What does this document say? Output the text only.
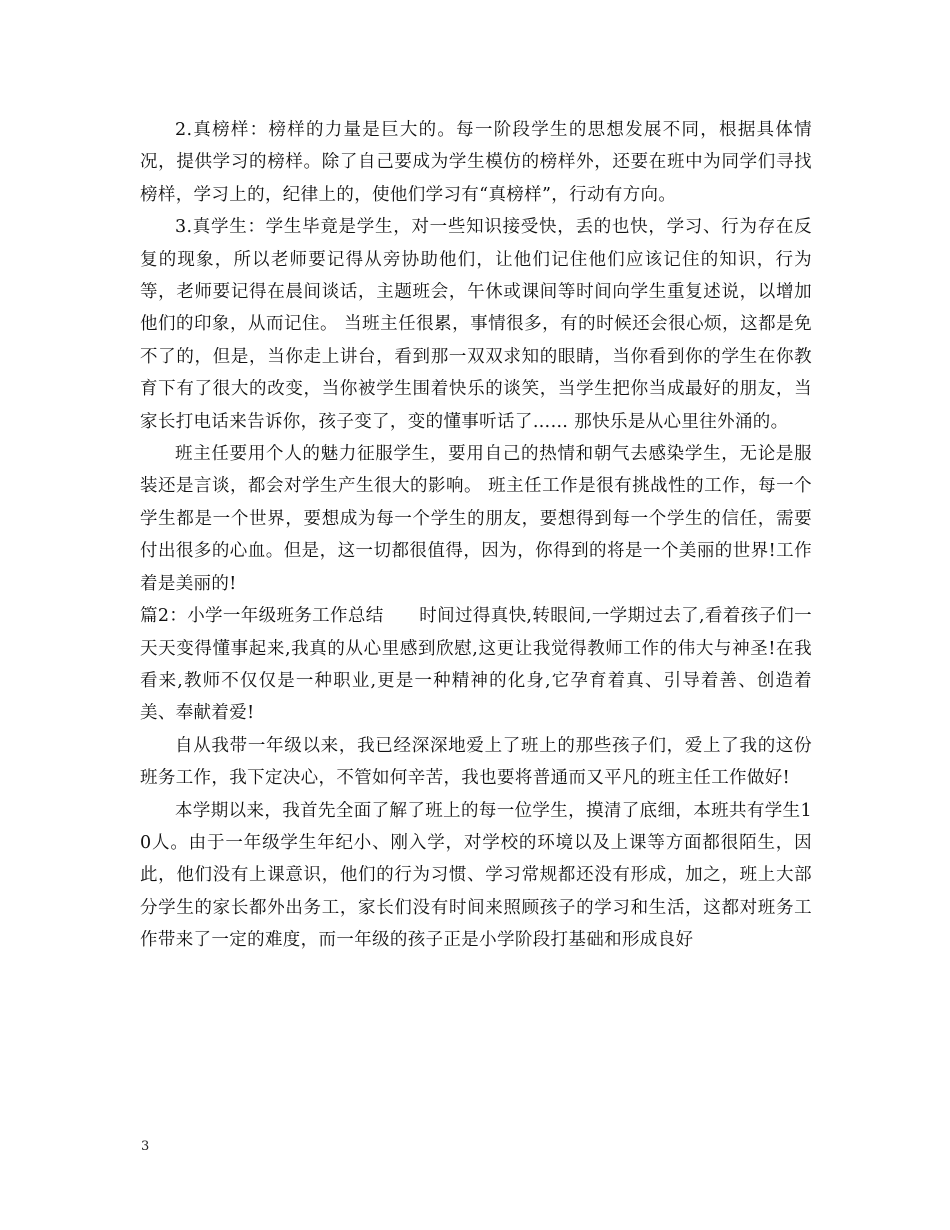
2.真榜样：榜样的力量是巨大的。每一阶段学生的思想发展不同，根据具体情况，提供学习的榜样。除了自己要成为学生模仿的榜样外，还要在班中为同学们寻找榜样，学习上的，纪律上的，使他们学习有“真榜样”，行动有方向。

3.真学生：学生毕竟是学生，对一些知识接受快，丢的也快，学习、行为存在反复的现象，所以老师要记得从旁协助他们，让他们记住他们应该记住的知识，行为等，老师要记得在晨间谈话，主题班会，午休或课间等时间向学生重复述说，以增加他们的印象，从而记住。 当班主任很累，事情很多，有的时候还会很心烦，这都是免不了的，但是，当你走上讲台，看到那一双双求知的眼睛，当你看到你的学生在你教育下有了很大的改变，当你被学生围着快乐的谈笑，当学生把你当成最好的朋友，当家长打电话来告诉你，孩子变了，变的懂事听话了…… 那快乐是从心里往外涌的。

班主任要用个人的魅力征服学生，要用自己的热情和朝气去感染学生，无论是服装还是言谈，都会对学生产生很大的影响。 班主任工作是很有挑战性的工作，每一个学生都是一个世界，要想成为每一个学生的朋友，要想得到每一个学生的信任，需要付出很多的心血。但是，这一切都很值得，因为，你得到的将是一个美丽的世界!工作着是美丽的!

篇2：小学一年级班务工作总结　　时间过得真快,转眼间,一学期过去了,看着孩子们一天天变得懂事起来,我真的从心里感到欣慰,这更让我觉得教师工作的伟大与神圣!在我看来,教师不仅仅是一种职业,更是一种精神的化身,它孕育着真、引导着善、创造着美、奉献着爱!

自从我带一年级以来，我已经深深地爱上了班上的那些孩子们，爱上了我的这份班务工作，我下定决心，不管如何辛苦，我也要将普通而又平凡的班主任工作做好!

本学期以来，我首先全面了解了班上的每一位学生，摸清了底细，本班共有学生10人。由于一年级学生年纪小、刚入学，对学校的环境以及上课等方面都很陌生，因此，他们没有上课意识，他们的行为习惯、学习常规都还没有形成，加之，班上大部分学生的家长都外出务工，家长们没有时间来照顾孩子的学习和生活，这都对班务工作带来了一定的难度，而一年级的孩子正是小学阶段打基础和形成良好

3
